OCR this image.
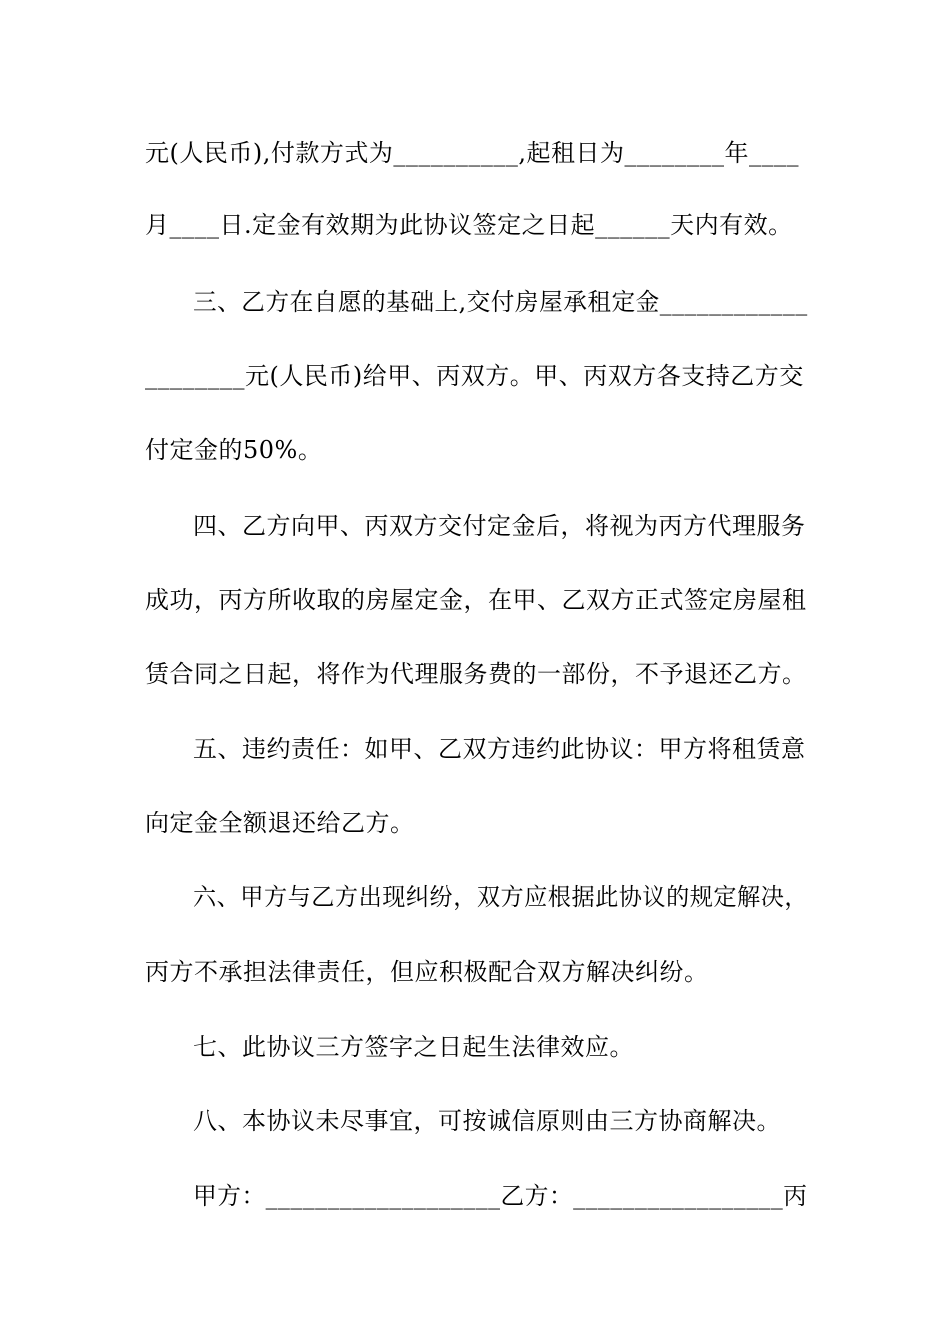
元(人民币),付款方式为__________,起租日为________年____
月____日.定金有效期为此协议签定之日起______天内有效。
三、乙方在自愿的基础上,交付房屋承租定金____________
________元(人民币)给甲、丙双方。甲、丙双方各支持乙方交
付定金的50%。
四、乙方向甲、丙双方交付定金后，将视为丙方代理服务
成功，丙方所收取的房屋定金，在甲、乙双方正式签定房屋租
赁合同之日起，将作为代理服务费的一部份，不予退还乙方。
五、违约责任：如甲、乙双方违约此协议：甲方将租赁意
向定金全额退还给乙方。
六、甲方与乙方出现纠纷，双方应根据此协议的规定解决，
丙方不承担法律责任，但应积极配合双方解决纠纷。
七、此协议三方签字之日起生法律效应。
八、本协议未尽事宜，可按诚信原则由三方协商解决。
甲方：___________________乙方：_________________丙
